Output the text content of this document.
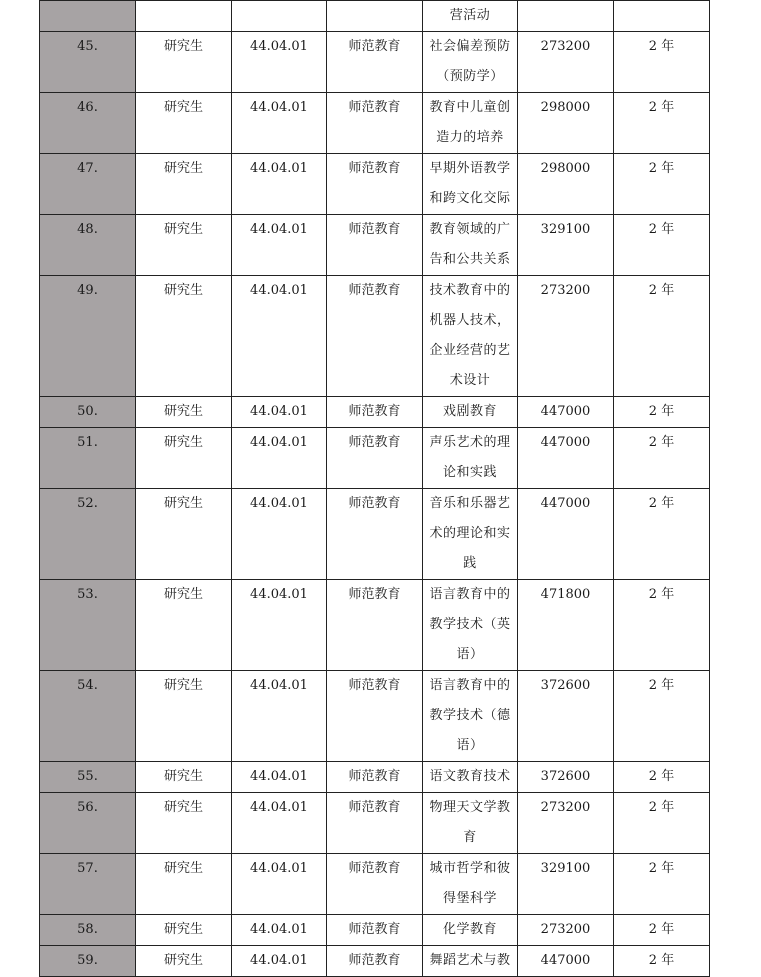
				营活动		
45.	研究生	44.04.01	师范教育	社会偏差预防（预防学）	273200	2 年
46.	研究生	44.04.01	师范教育	教育中儿童创造力的培养	298000	2 年
47.	研究生	44.04.01	师范教育	早期外语教学和跨文化交际	298000	2 年
48.	研究生	44.04.01	师范教育	教育领域的广告和公共关系	329100	2 年
49.	研究生	44.04.01	师范教育	技术教育中的机器人技术，企业经营的艺术设计	273200	2 年
50.	研究生	44.04.01	师范教育	戏剧教育	447000	2 年
51.	研究生	44.04.01	师范教育	声乐艺术的理论和实践	447000	2 年
52.	研究生	44.04.01	师范教育	音乐和乐器艺术的理论和实践	447000	2 年
53.	研究生	44.04.01	师范教育	语言教育中的教学技术（英语）	471800	2 年
54.	研究生	44.04.01	师范教育	语言教育中的教学技术（德语）	372600	2 年
55.	研究生	44.04.01	师范教育	语文教育技术	372600	2 年
56.	研究生	44.04.01	师范教育	物理天文学教育	273200	2 年
57.	研究生	44.04.01	师范教育	城市哲学和彼得堡科学	329100	2 年
58.	研究生	44.04.01	师范教育	化学教育	273200	2 年
59.	研究生	44.04.01	师范教育	舞蹈艺术与教	447000	2 年
